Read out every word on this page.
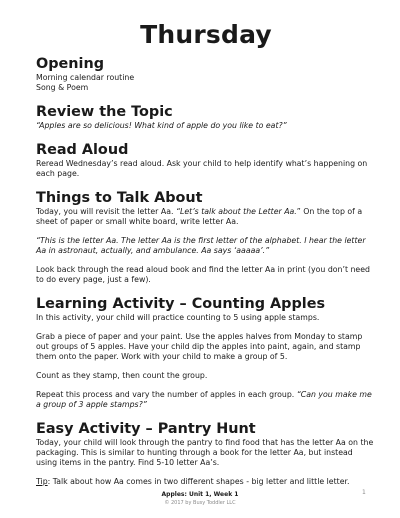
Thursday
Opening
Morning calendar routine
Song & Poem
Review the Topic
“Apples are so delicious! What kind of apple do you like to eat?”
Read Aloud
Reread Wednesday’s read aloud. Ask your child to help identify what’s happening on each page.
Things to Talk About
Today, you will revisit the letter Aa. “Let’s talk about the Letter Aa.” On the top of a sheet of paper or small white board, write letter Aa.
“This is the letter Aa. The letter Aa is the first letter of the alphabet. I hear the letter Aa in astronaut, actually, and ambulance. Aa says ‘aaaaa’.”
Look back through the read aloud book and find the letter Aa in print (you don’t need to do every page, just a few).
Learning Activity – Counting Apples
In this activity, your child will practice counting to 5 using apple stamps.
Grab a piece of paper and your paint. Use the apples halves from Monday to stamp out groups of 5 apples. Have your child dip the apples into paint, again, and stamp them onto the paper. Work with your child to make a group of 5.
Count as they stamp, then count the group.
Repeat this process and vary the number of apples in each group. “Can you make me a group of 3 apple stamps?”
Easy Activity – Pantry Hunt
Today, your child will look through the pantry to find food that has the letter Aa on the packaging. This is similar to hunting through a book for the letter Aa, but instead using items in the pantry. Find 5-10 letter Aa’s.
Tip: Talk about how Aa comes in two different shapes - big letter and little letter.
Apples: Unit 1, Week 1
© 2017 by Busy Toddler LLC
1
